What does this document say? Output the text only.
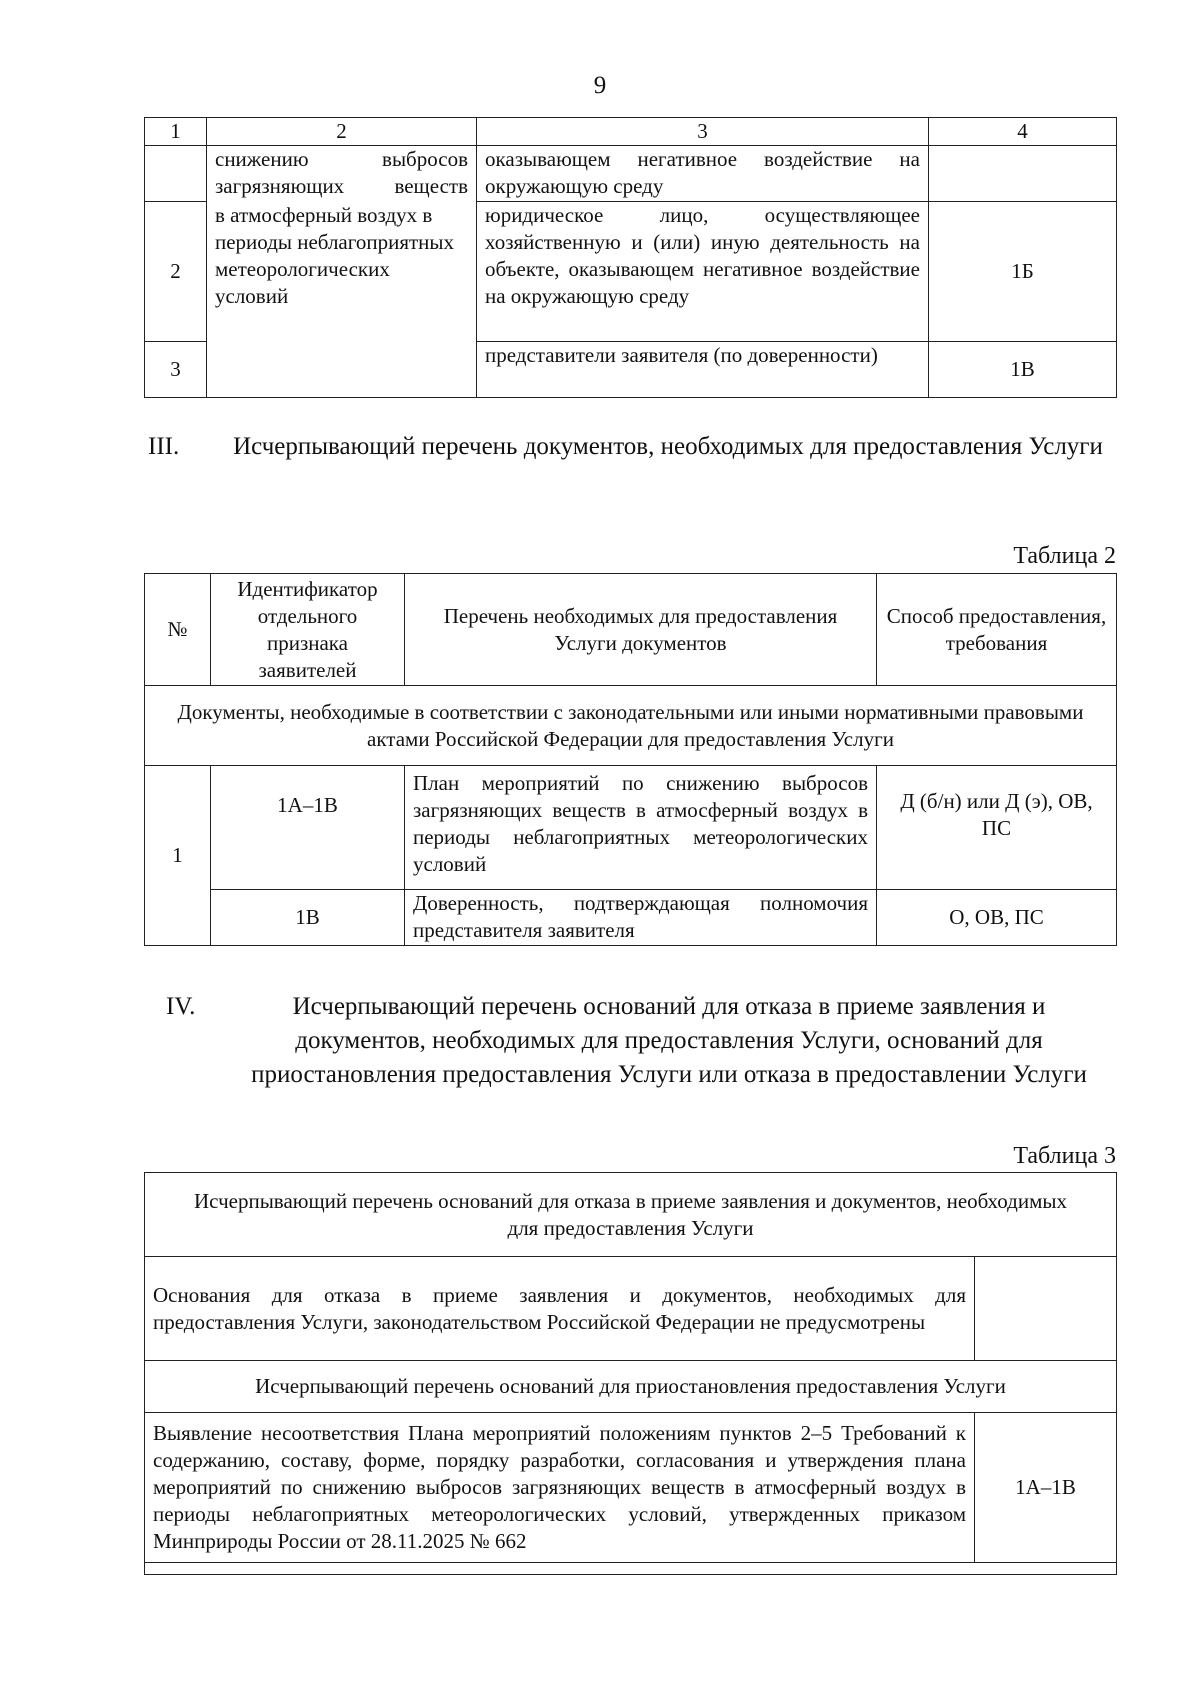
9
1	2	3	4
	снижению выбросов загрязняющих веществ	оказывающем негативное воздействие на окружающую среду	
2	в атмосферный воздух в периоды неблагоприятных метеорологических условий	юридическое лицо, осуществляющее хозяйственную и (или) иную деятельность на объекте, оказывающем негативное воздействие на окружающую среду	1Б
3		представители заявителя (по доверенности)	1В
III.	Исчерпывающий перечень документов, необходимых для предоставления Услуги
Таблица 2
№	Идентификатор отдельного признака заявителей	Перечень необходимых для предоставления Услуги документов	Способ предоставления, требования
Документы, необходимые в соответствии с законодательными или иными нормативными правовыми актами Российской Федерации для предоставления Услуги			
1	1А–1В	План мероприятий по снижению выбросов загрязняющих веществ в атмосферный воздух в периоды неблагоприятных метеорологических условий	Д (б/н) или Д (э), ОВ, ПС
	1В	Доверенность, подтверждающая полномочия представителя заявителя	О, ОВ, ПС
IV.	Исчерпывающий перечень оснований для отказа в приеме заявления и документов, необходимых для предоставления Услуги, оснований для приостановления предоставления Услуги или отказа в предоставлении Услуги
Таблица 3
Исчерпывающий перечень оснований для отказа в приеме заявления и документов, необходимых для предоставления Услуги	
Основания для отказа в приеме заявления и документов, необходимых для предоставления Услуги, законодательством Российской Федерации не предусмотрены	
Исчерпывающий перечень оснований для приостановления предоставления Услуги	
Выявление несоответствия Плана мероприятий положениям пунктов 2–5 Требований к содержанию, составу, форме, порядку разработки, согласования и утверждения плана мероприятий по снижению выбросов загрязняющих веществ в атмосферный воздух в периоды неблагоприятных метеорологических условий, утвержденных приказом Минприроды России от 28.11.2025 № 662	1А–1В
